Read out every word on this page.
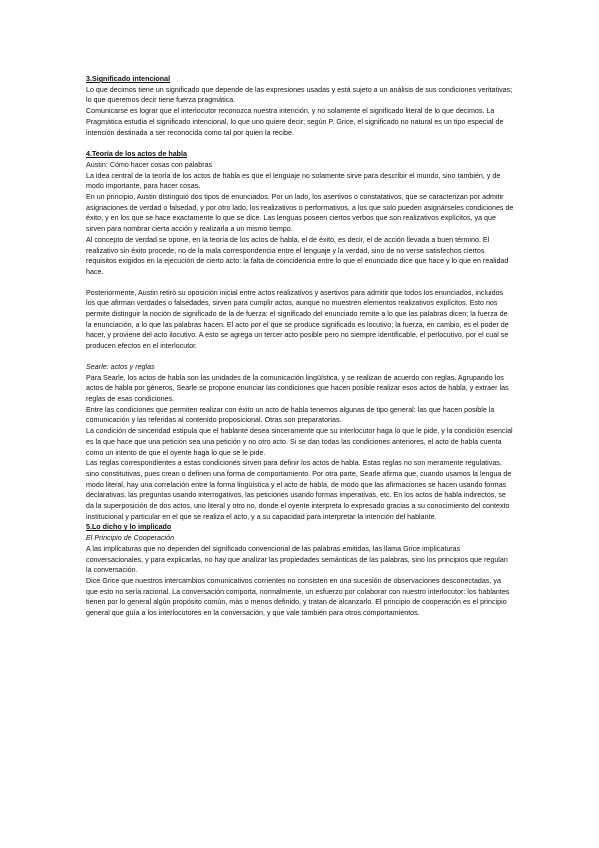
3.Significado intencional

Lo que decimos tiene un significado que depende de las expresiones usadas y está sujeto a un análisis de sus condiciones veritativas; lo que queremos decir tiene fuerza pragmática.

Comunicarse es lograr que el interlocutor reconozca nuestra intención, y no solamente el significado literal de lo que decimos. La Pragmática estudia el significado intencional, lo que uno quiere decir; según P. Grice, el significado no natural es un tipo especial de intención destinada a ser reconocida como tal por quien la recibe.

4.Teoría de los actos de habla
Austin: Cómo hacer cosas con palabras

La idea central de la teoría de los actos de habla es que el lenguaje no solamente sirve para describir el mundo, sino también, y de modo importante, para hacer cosas.

En un principio, Austin distinguió dos tipos de enunciados. Por un lado, los asertivos o constatativos, que se caracterizan por admitir asignaciones de verdad o falsedad, y por otro lado, los realizativos o performativos, a los que solo pueden asignárseles condiciones de éxito, y en los que se hace exactamente lo que se dice. Las lenguas poseen ciertos verbos que son realizativos explícitos, ya que sirven para nombrar cierta acción y realizarla a un mismo tiempo.

Al concepto de verdad se opone, en la teoría de los actos de habla, el de éxito, es decir, el de acción llevada a buen término. El realizativo sin éxito procede, no de la mala correspondencia entre el lenguaje y la verdad, sino de no verse satisfechos ciertos requisitos exigidos en la ejecución de cierto acto: la falta de coincidencia entre lo que el enunciado dice que hace y lo que en realidad hace.

Posteriormente, Austin retiró su oposición inicial entre actos realizativos y asertivos para admitir que todos los enunciados, incluidos los que afirman verdades o falsedades, sirven para cumplir actos, aunque no muestren elementos realizativos explícitos. Esto nos permite distinguir la noción de significado de la de fuerza: el significado del enunciado remite a lo que las palabras dicen; la fuerza de la enunciación, a lo que las palabras hacen. El acto por el que se produce significado es locutivo; la fuerza, en cambio, es el poder de hacer, y proviene del acto ilocutivo. A esto se agrega un tercer acto posible pero no siempre identificable, el perlocutivo, por el cual se producen efectos en el interlocutor.

Searle: actos y reglas

Para Searle, los actos de habla son las unidades de la comunicación lingüística, y se realizan de acuerdo con reglas. Agrupando los actos de habla por géneros, Searle se propone enunciar las condiciones que hacen posible realizar esos actos de habla, y extraer las reglas de esas condiciones.

Entre las condiciones que permiten realizar con éxito un acto de habla tenemos algunas de tipo general: las que hacen posible la comunicación y las referidas al contenido proposicional. Otras son preparatorias.

La condición de sinceridad estipula que el hablante desea sinceramente que su interlocutor haga lo que le pide, y la condición esencial es la que hace que una petición sea una petición y no otro acto. Si se dan todas las condiciones anteriores, el acto de habla cuenta como un intento de que el oyente haga lo que se le pide.

Las reglas correspondientes a estas condiciones sirven para definir los actos de habla. Estas reglas no son meramente regulativas, sino constitutivas, pues crean o definen una forma de comportamiento. Por otra parte, Searle afirma que, cuando usamos la lengua de modo literal, hay una correlación entre la forma lingüística y el acto de habla, de modo que las afirmaciones se hacen usando formas declarativas, las preguntas usando interrogativos, las peticiones usando formas imperativas, etc. En los actos de habla indirectos, se da la superposición de dos actos, uno literal y otro no, donde el oyente interpreta lo expresado gracias a su conocimiento del contexto institucional y particular en el que se realiza el acto, y a su capacidad para interpretar la intención del hablante.

5.Lo dicho y lo implicado
El Principio de Cooperación

A las implicaturas que no dependen del significado convencional de las palabras emitidas, las llama Grice implicaturas conversacionales, y para explicarlas, no hay que analizar las propiedades semánticas de las palabras, sino los principios que regulan la conversación.

Dice Grice que nuestros intercambios comunicativos corrientes no consisten en una sucesión de observaciones desconectadas, ya que esto no sería racional. La conversación comporta, normalmente, un esfuerzo por colaborar con nuestro interlocutor: los hablantes tienen por lo general algún propósito común, más o menos definido, y tratan de alcanzarlo. El principio de cooperación es el principio general que guía a los interlocutores en la conversación, y que vale también para otros comportamientos.
